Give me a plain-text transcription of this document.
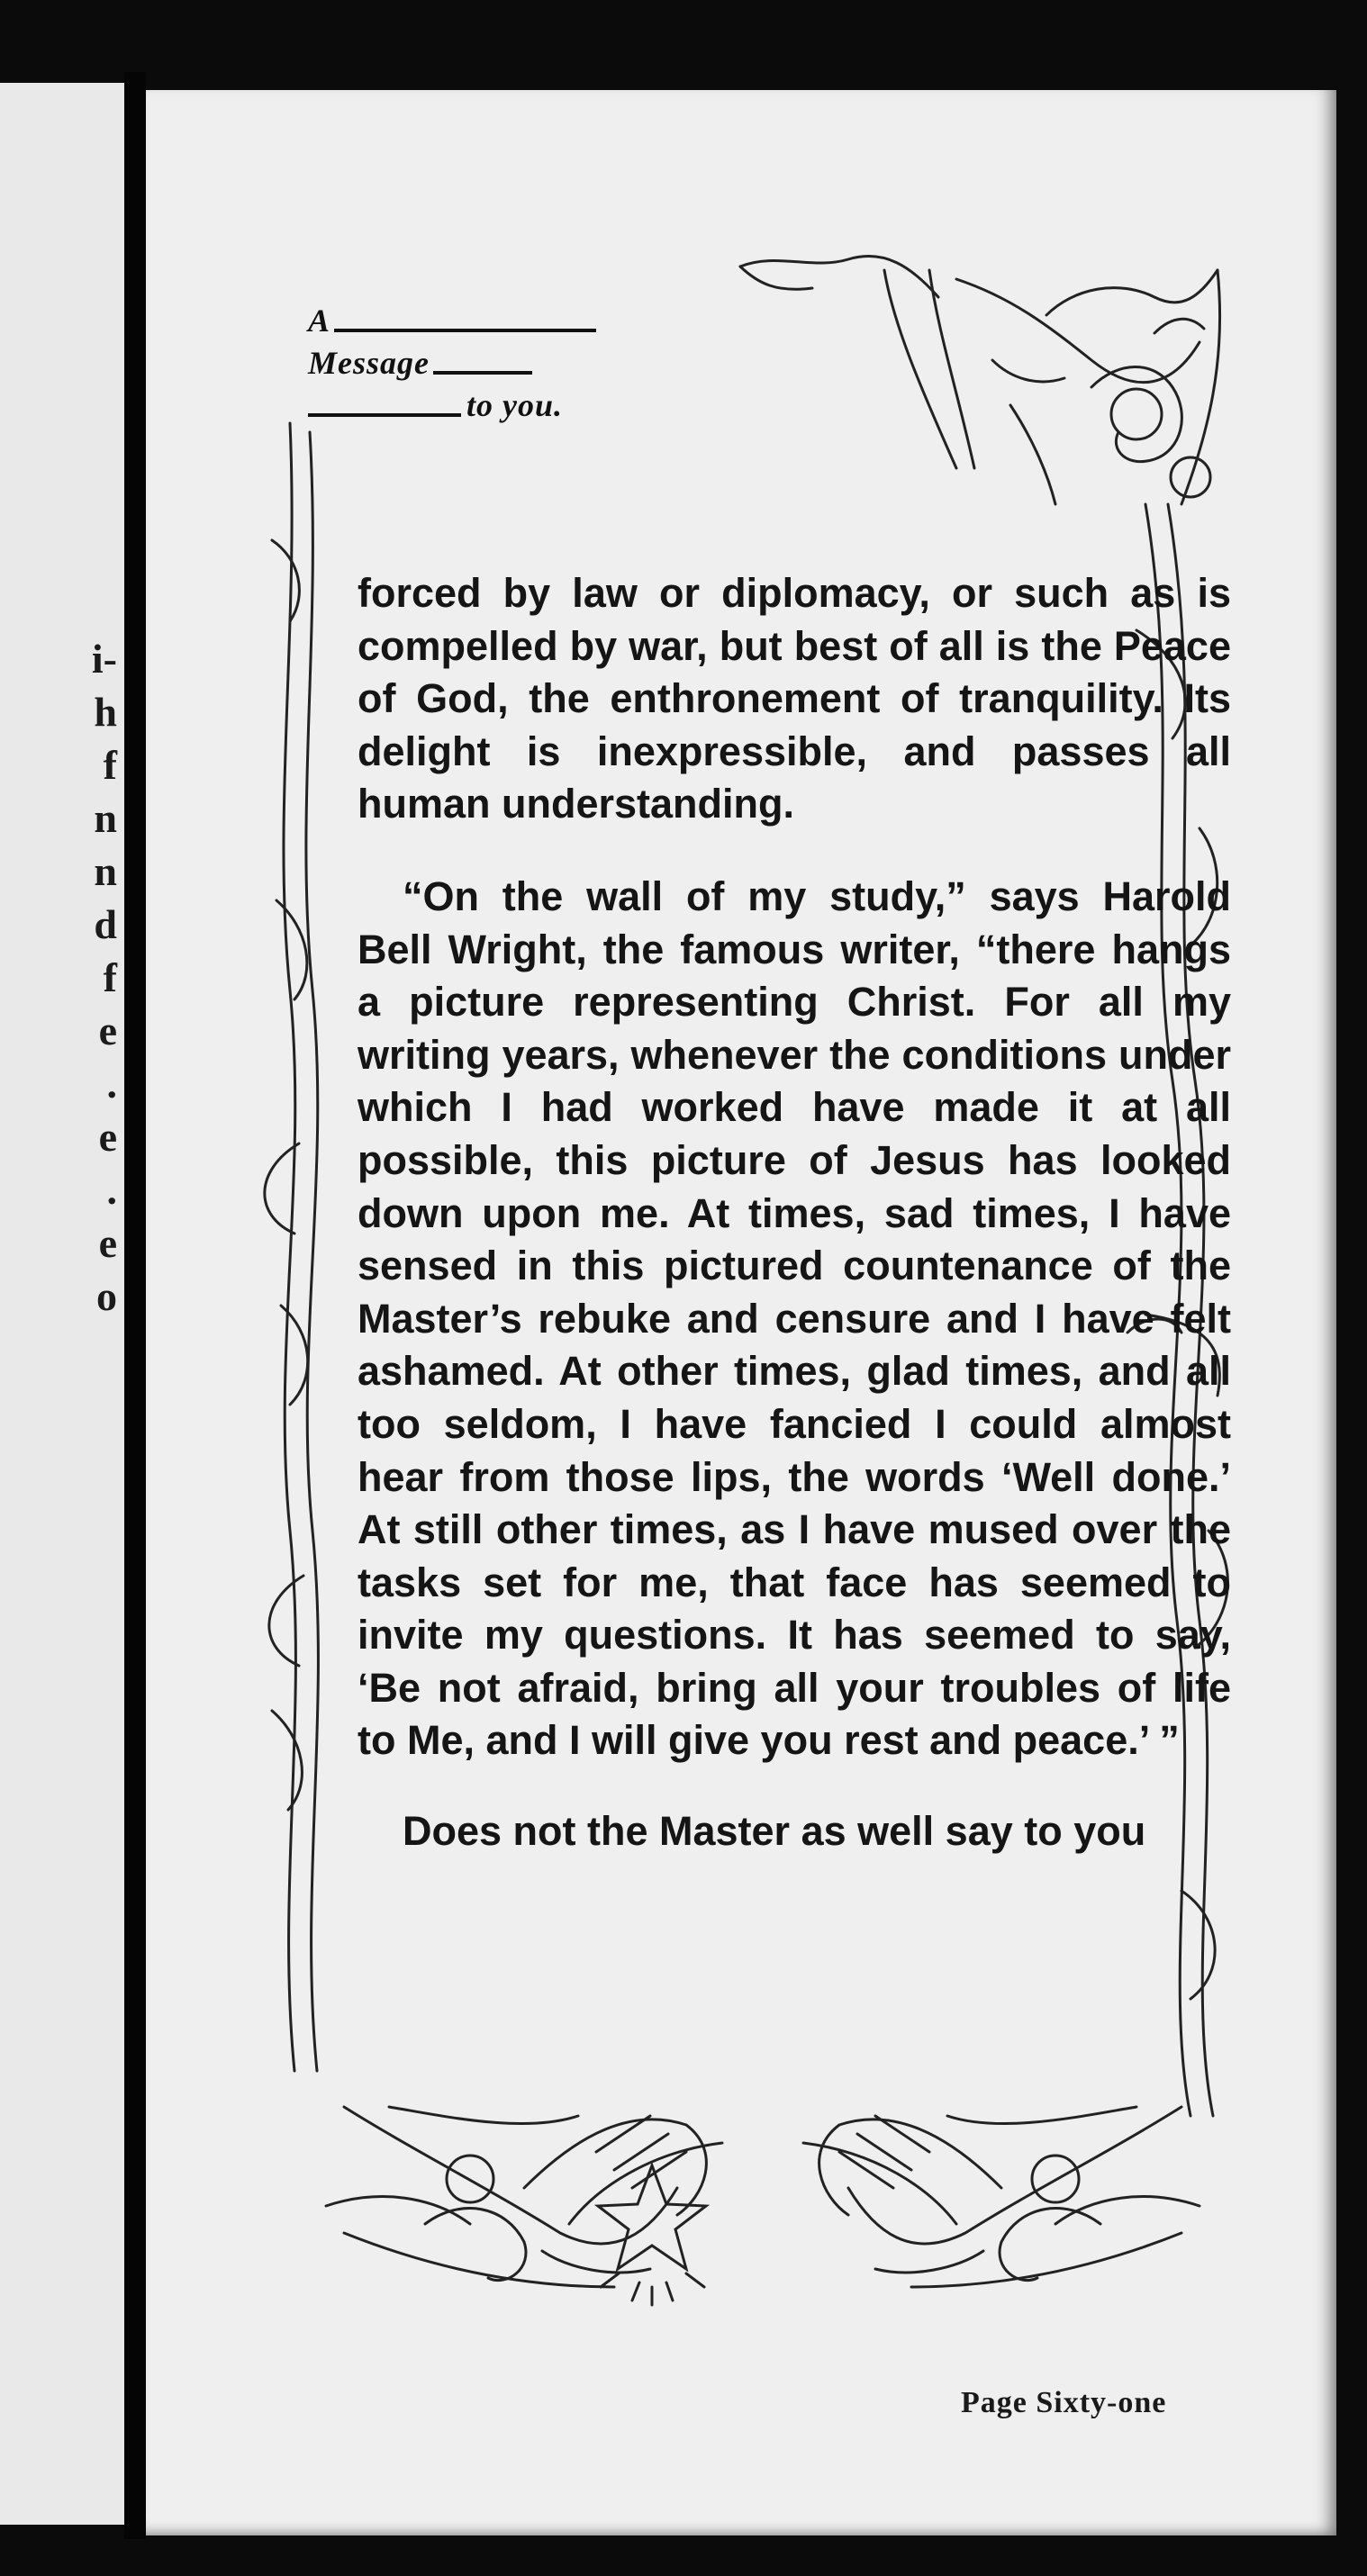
i-
h
f
n
n
d
f
e
.
e
.
e
o
A
Message
to you.

forced by law or diplomacy, or such as is compelled by war, but best of all is the Peace of God, the enthronement of tranquility. Its delight is inexpressible, and passes all human understanding.

“On the wall of my study,” says Harold Bell Wright, the famous writer, “there hangs a picture representing Christ. For all my writing years, whenever the conditions under which I had worked have made it at all possible, this picture of Jesus has looked down upon me. At times, sad times, I have sensed in this pictured countenance of the Master’s rebuke and censure and I have felt ashamed. At other times, glad times, and all too seldom, I have fancied I could almost hear from those lips, the words ‘Well done.’ At still other times, as I have mused over the tasks set for me, that face has seemed to invite my questions. It has seemed to say, ‘Be not afraid, bring all your troubles of life to Me, and I will give you rest and peace.’ ”

Does not the Master as well say to you

Page Sixty-one
